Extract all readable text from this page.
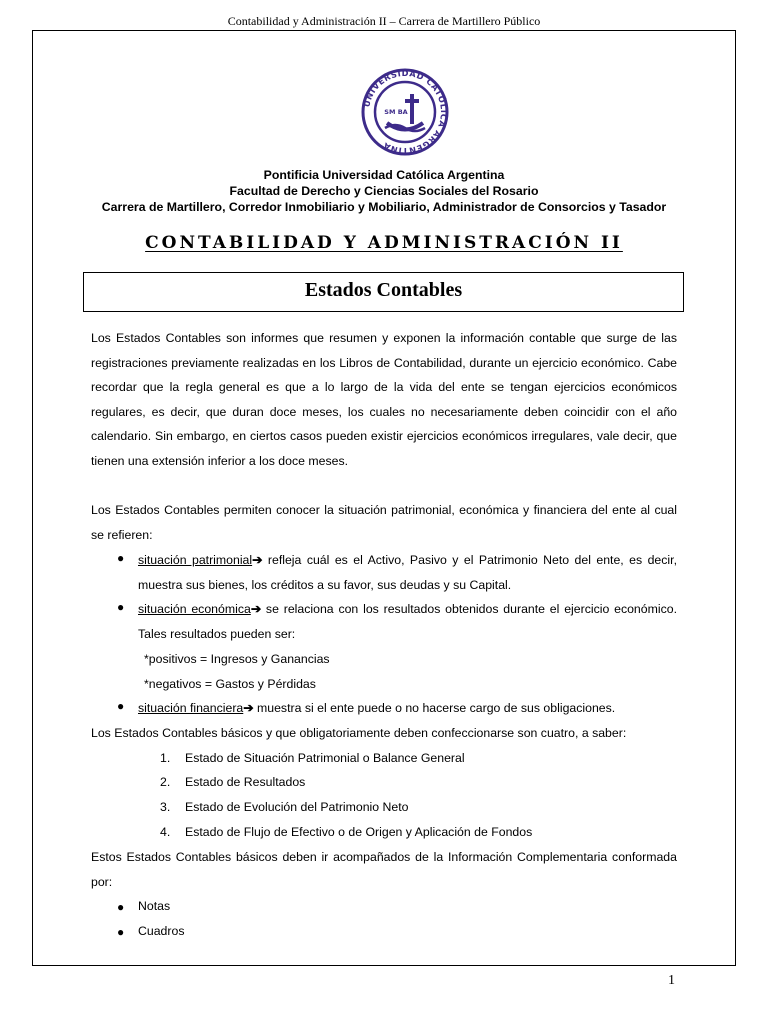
Contabilidad y Administración II – Carrera de Martillero Público
UNIVERSIDAD CATÓLICA ARGENTINA
SM BA
Pontificia Universidad Católica Argentina
Facultad de Derecho y Ciencias Sociales del Rosario
Carrera de Martillero, Corredor Inmobiliario y Mobiliario, Administrador de Consorcios y Tasador
CONTABILIDAD Y ADMINISTRACIÓN II
Estados Contables
Los Estados Contables son informes que resumen y exponen la información contable que surge de las registraciones previamente realizadas en los Libros de Contabilidad, durante un ejercicio económico. Cabe recordar que la regla general es que a lo largo de la vida del ente se tengan ejercicios económicos regulares, es decir, que duran doce meses, los cuales no necesariamente deben coincidir con el año calendario. Sin embargo, en ciertos casos pueden existir ejercicios económicos irregulares, vale decir, que tienen una extensión inferior a los doce meses.
Los Estados Contables permiten conocer la situación patrimonial, económica y financiera del ente al cual se refieren:
● situación patrimonial➔ refleja cuál es el Activo, Pasivo y el Patrimonio Neto del ente, es decir, muestra sus bienes, los créditos a su favor, sus deudas y su Capital.
● situación económica➔ se relaciona con los resultados obtenidos durante el ejercicio económico. Tales resultados pueden ser:
*positivos = Ingresos y Ganancias
*negativos = Gastos y Pérdidas
● situación financiera➔ muestra si el ente puede o no hacerse cargo de sus obligaciones.
Los Estados Contables básicos y que obligatoriamente deben confeccionarse son cuatro, a saber:
1. Estado de Situación Patrimonial o Balance General
2. Estado de Resultados
3. Estado de Evolución del Patrimonio Neto
4. Estado de Flujo de Efectivo o de Origen y Aplicación de Fondos
Estos Estados Contables básicos deben ir acompañados de la Información Complementaria conformada por:
● Notas
● Cuadros
1
